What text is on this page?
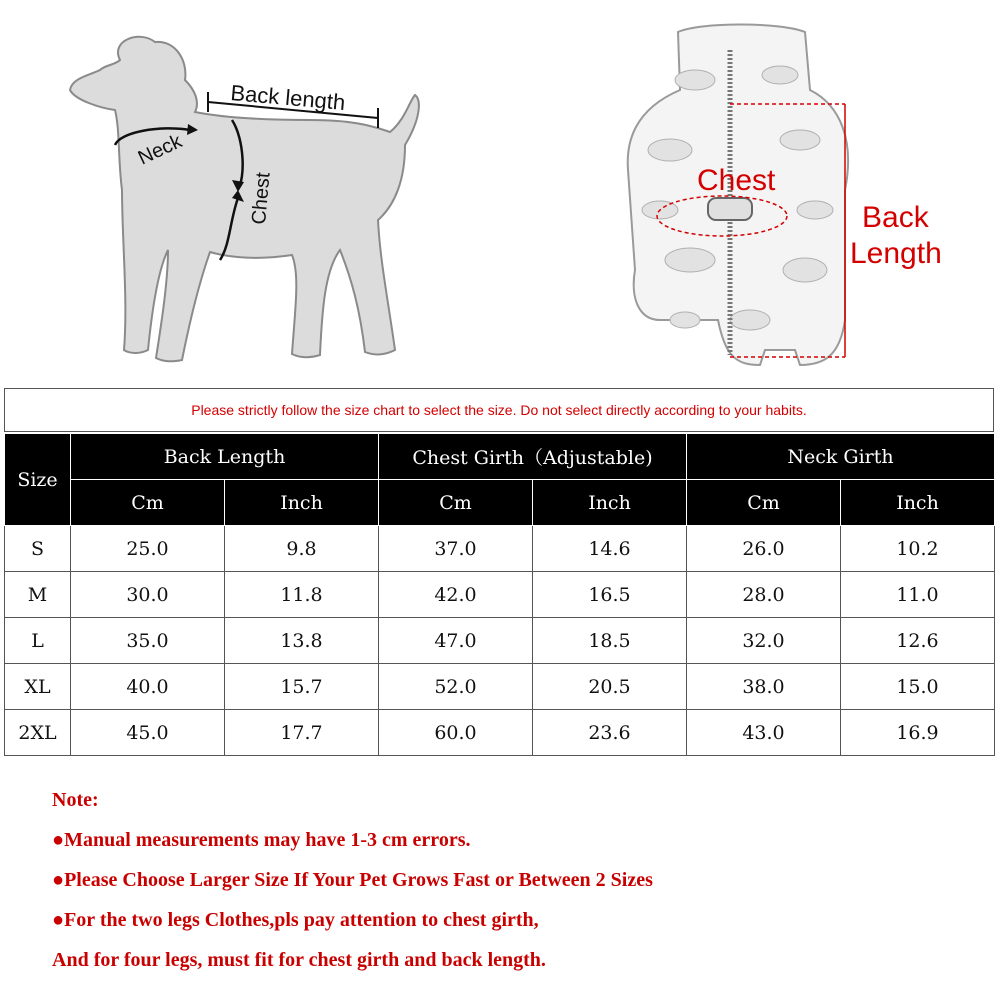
Back length
Neck
Chest	Chest
Back
Length
Please strictly follow the size chart to select the size. Do not select directly according to your habits.
Size	Back Length		Chest Girth（Adjustable)		Neck Girth	
	Cm	Inch	Cm	Inch	Cm	Inch
S	25.0	9.8	37.0	14.6	26.0	10.2
M	30.0	11.8	42.0	16.5	28.0	11.0
L	35.0	13.8	47.0	18.5	32.0	12.6
XL	40.0	15.7	52.0	20.5	38.0	15.0
2XL	45.0	17.7	60.0	23.6	43.0	16.9
Note:
●Manual measurements may have 1-3 cm errors.
●Please Choose Larger Size If Your Pet Grows Fast or Between 2 Sizes
●For the two legs Clothes,pls pay attention to chest girth,
And for four legs, must fit for chest girth and back length.
